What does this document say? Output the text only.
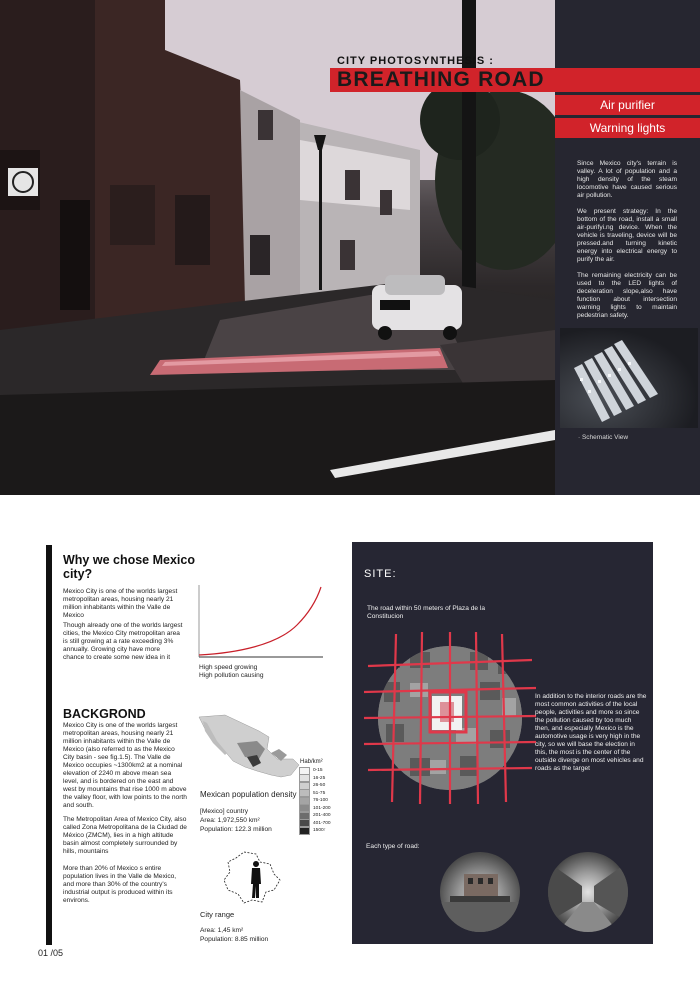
CITY PHOTOSYNTHESIS :
BREATHING ROAD
Air purifier
Warning lights

Since Mexico city's terrain is valley. A lot of population and a high density of the steam locomotive have caused serious air pollution.

We present strategy: In the bottom of the road, install a small air-purifyi.ng device. When the vehicle is traveling, device will be pressed.and turning kinetic energy into electrical energy to purify the air.

The remaining electricity can be used to the LED lights of deceleration slope,also have function about intersection warning lights to maintain pedestrian safety.

· Schematic View
Why we chose Mexico city?

Mexico City is one of the worlds largest metropolitan areas, housing nearly 21 million inhabitants within the Valle de Mexico

Though already one of the worlds largest cities, the Mexico City metropolitan area is still growing at a rate exceeding 3% annually. Growing city have more chance to create some new idea in it

High speed growing
High pollution causing
BACKGROND

Mexico City is one of the worlds largest metropolitan areas, housing nearly 21 million inhabitants within the Valle de Mexico (also referred to as the Mexico City basin - see fig.1.5). The Valle de Mexico occupies ~1300km2 at a nominal elevation of 2240 m above mean sea level, and is bordered on the east and west by mountains that rise 1000 m above the valley floor, with low points to the north and south.

The Metropolitan Area of Mexico City, also called Zona Metropolitana de la Ciudad de México (ZMCM), lies in a high altitude basin almost completely surrounded by hills, mountains

More than 20% of Mexico s entire population lives in the Valle de Mexico, and more than 30% of the country's industrial output is produced within its environs.

Hab/km²
0-15
16-25
26-50
51-75
76-100
101-200
201-400
401-700
1500↑
Mexican population density
[Mexico] country
Area: 1,972,550 km²
Population: 122.3 million
City range
Area: 1,45 km²
Population: 8.85 million
01 /05
SITE:

The road within 50 meters of Plaza de la Constitucion

In addition to the interior roads are the most common activities of the local people, activities and more so since the pollution caused by too much then, and especially Mexico is the automotive usage is very high in the city, so we will base the election in this, the most is the center of the outside diverge on most vehicles and roads as the target

Each type of road:
